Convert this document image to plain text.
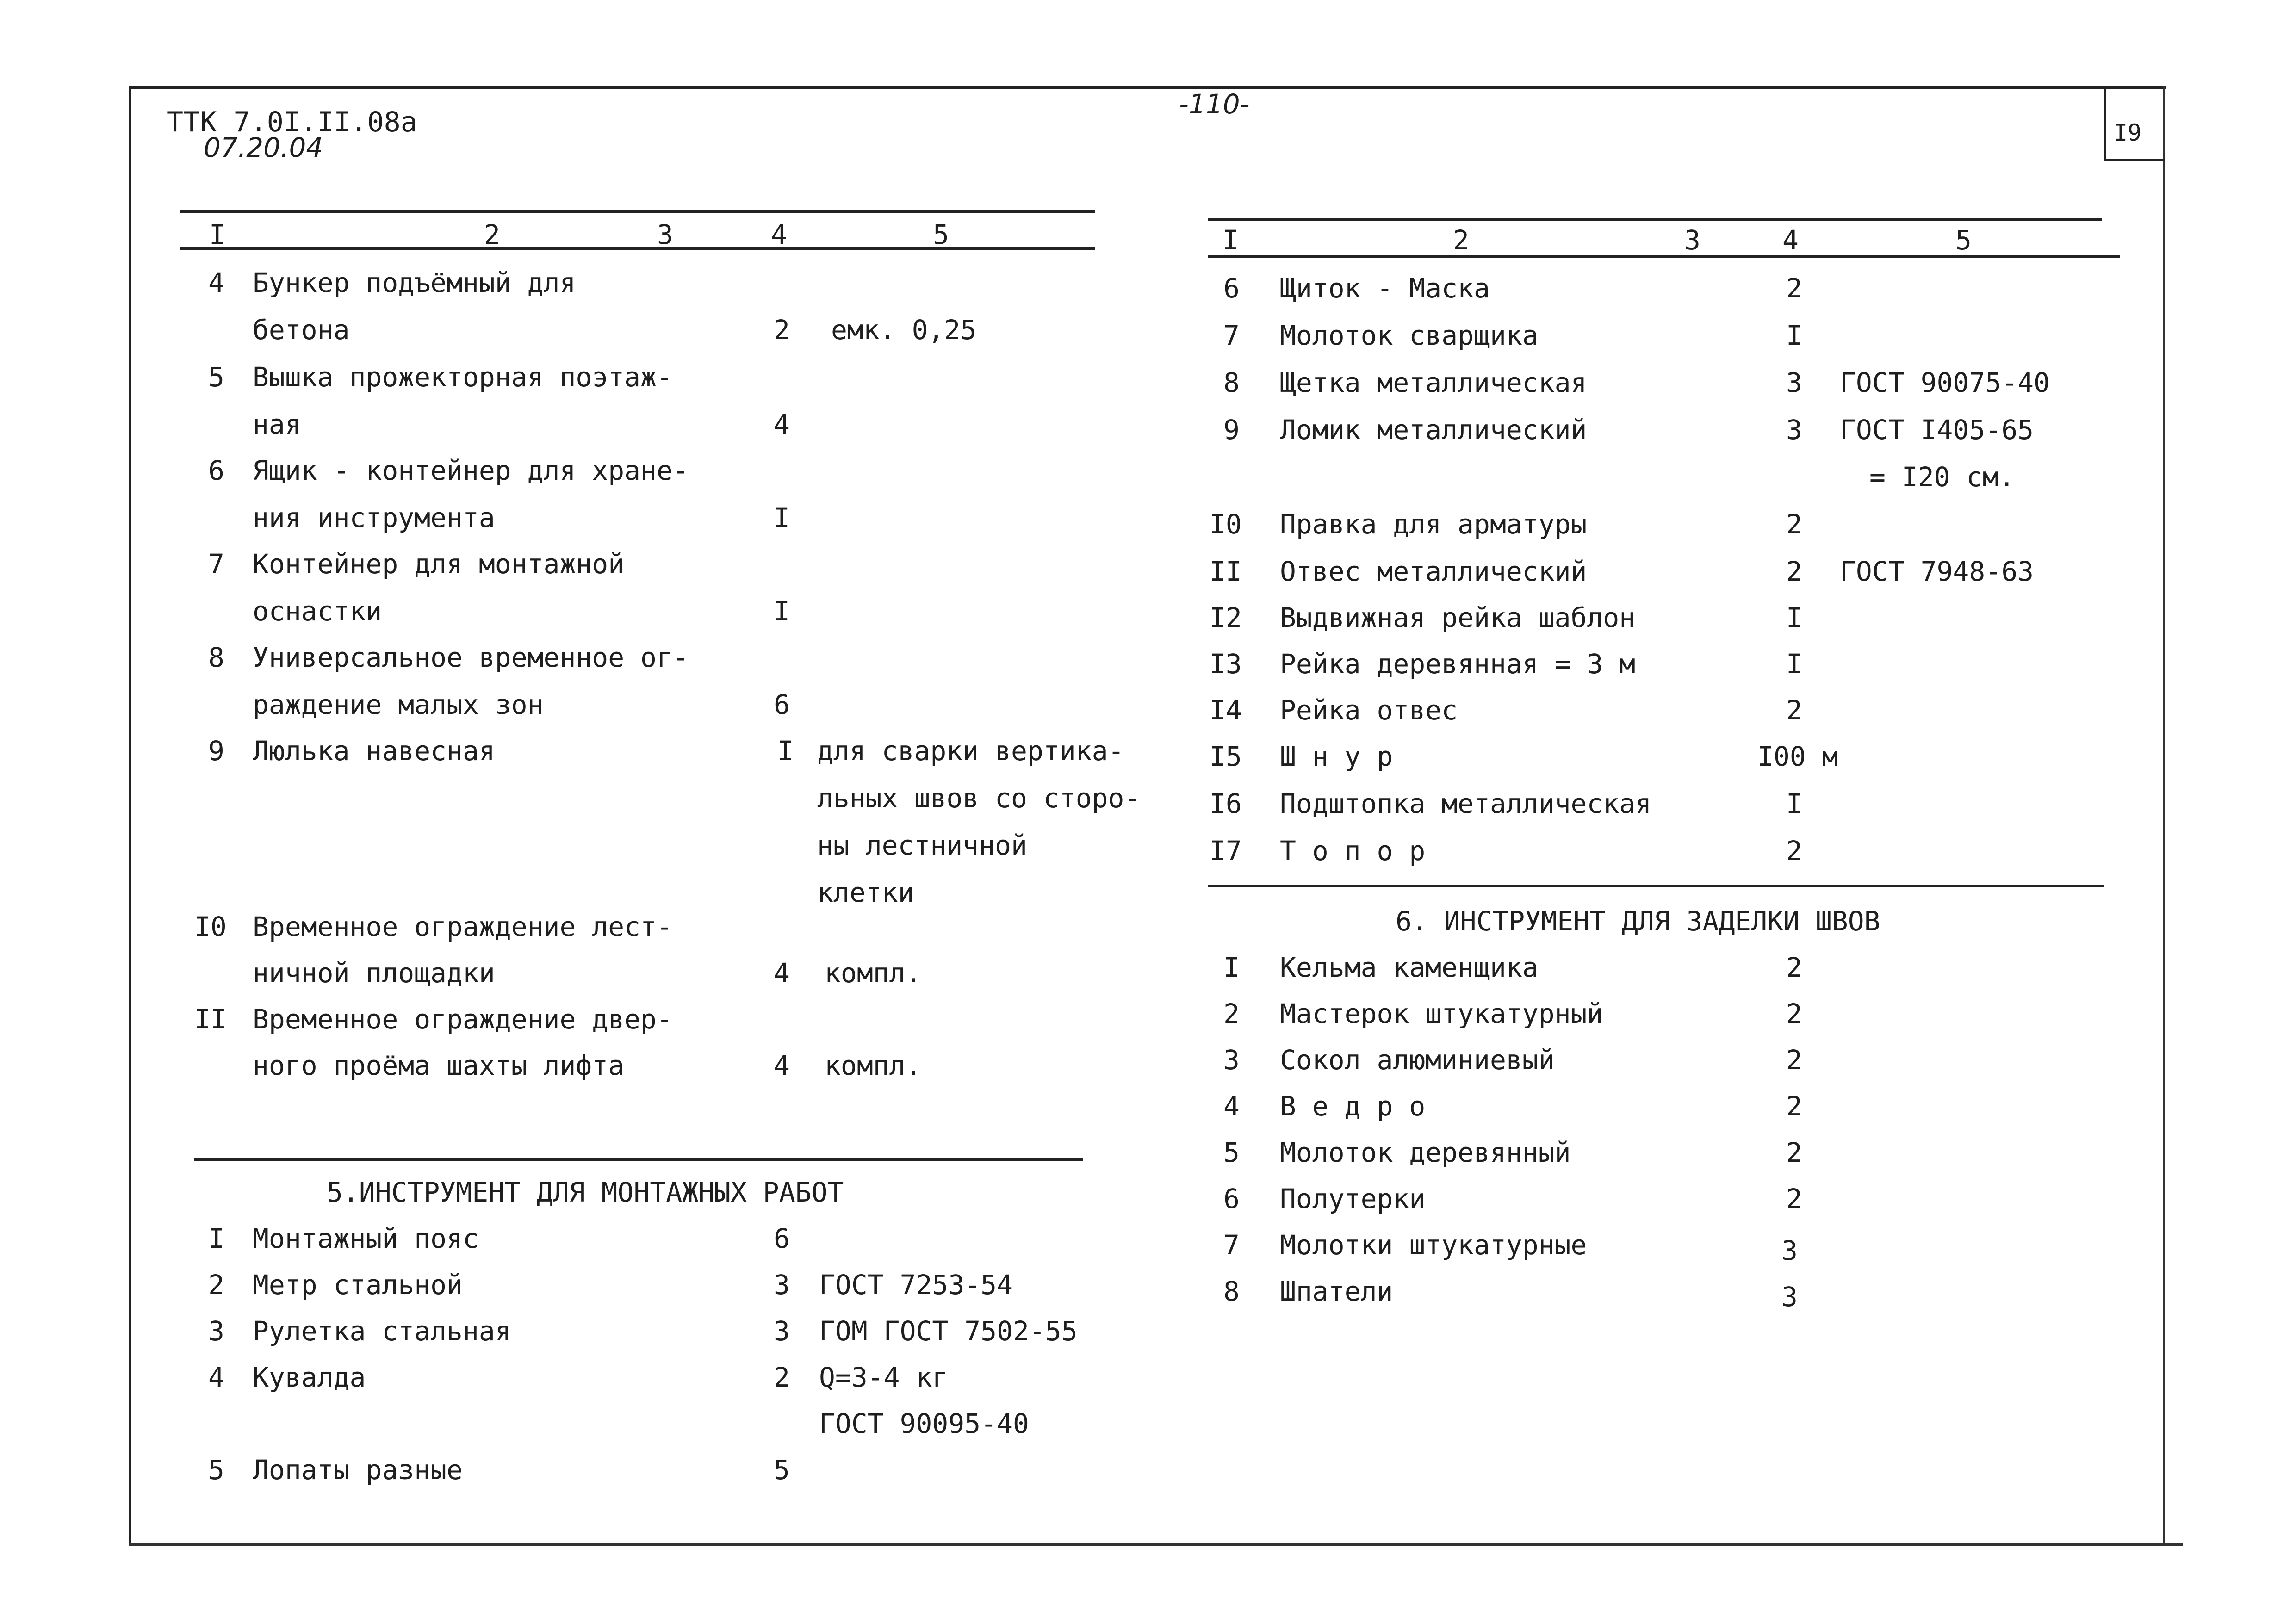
ТТК 7.0I.II.08а
07.20.04
-110-
I9
I	2	3	4	5
4 Бункер подъёмный для
бетона	2 емк. 0,25
5 Вышка прожекторная поэтаж-
ная	4
6 Ящик - контейнер для хране-
ния инструмента	I
7 Контейнер для монтажной
оснастки	I
8 Универсальное временное ог-
раждение малых зон	6
9 Люлька навесная	I для сварки вертика-
льных швов со сторо-
ны лестничной
клетки
I0 Временное ограждение лест-
ничной площадки	4 компл.
II Временное ограждение двер-
ного проёма шахты лифта	4 компл.
5.ИНСТРУМЕНТ ДЛЯ МОНТАЖНЫХ РАБОТ
I Монтажный пояс	6
2 Метр стальной	3 ГОСТ 7253-54
3 Рулетка стальная	3 ГОМ ГОСТ 7502-55
4 Кувалда	2 Q=3-4 кг
ГОСТ 90095-40
5 Лопаты разные	5
I	2	3	4	5
6 Щиток - Маска	2
7 Молоток сварщика	I
8 Щетка металлическая	3 ГОСТ 90075-40
9 Ломик металлический	3 ГОСТ I405-65
= I20 см.
I0 Правка для арматуры	2
II Отвес металлический	2 ГОСТ 7948-63
I2 Выдвижная рейка шаблон	I
I3 Рейка деревянная = 3 м	I
I4 Рейка отвес	2
I5 Ш н у р	I00 м
I6 Подштопка металлическая	I
I7 Т о п о р	2
6. ИНСТРУМЕНТ ДЛЯ ЗАДЕЛКИ ШВОВ
I Кельма каменщика	2
2 Мастерок штукатурный	2
3 Сокол алюминиевый	2
4 В е д р о	2
5 Молоток деревянный	2
6 Полутерки	2
7 Молотки штукатурные	3
8 Шпатели	3
